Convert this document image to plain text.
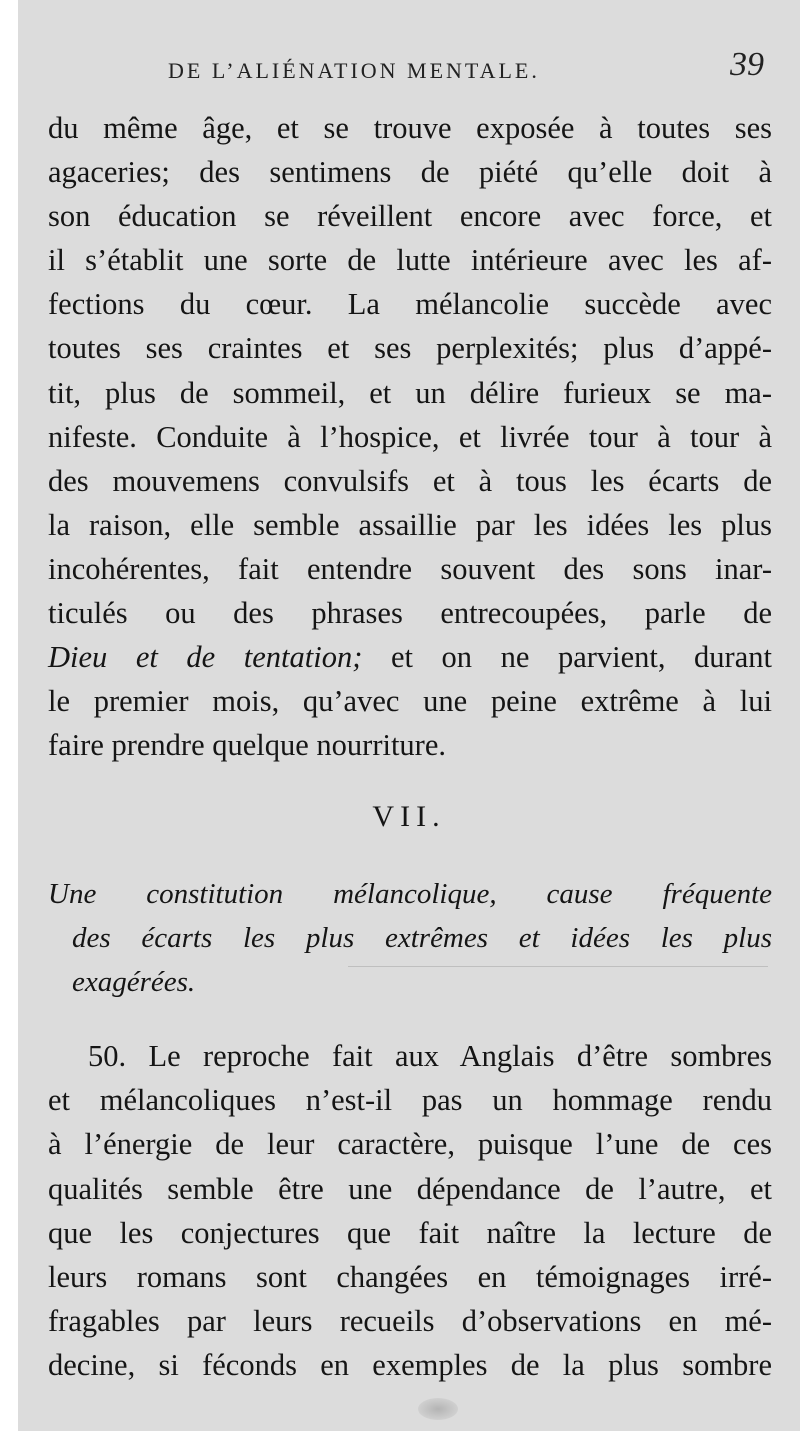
DE L’ALIÉNATION MENTALE.	39
du même âge, et se trouve exposée à toutes ses
agaceries; des sentimens de piété qu’elle doit à
son éducation se réveillent encore avec force, et
il s’établit une sorte de lutte intérieure avec les af-
fections du cœur. La mélancolie succède avec
toutes ses craintes et ses perplexités; plus d’appé-
tit, plus de sommeil, et un délire furieux se ma-
nifeste. Conduite à l’hospice, et livrée tour à tour à
des mouvemens convulsifs et à tous les écarts de
la raison, elle semble assaillie par les idées les plus
incohérentes, fait entendre souvent des sons inar-
ticulés ou des phrases entrecoupées, parle de
Dieu et de tentation; et on ne parvient, durant
le premier mois, qu’avec une peine extrême à lui
faire prendre quelque nourriture.
VII.
Une constitution mélancolique, cause fréquente
des écarts les plus extrêmes et idées les plus
exagérées.
50. Le reproche fait aux Anglais d’être sombres
et mélancoliques n’est-il pas un hommage rendu
à l’énergie de leur caractère, puisque l’une de ces
qualités semble être une dépendance de l’autre, et
que les conjectures que fait naître la lecture de
leurs romans sont changées en témoignages irré-
fragables par leurs recueils d’observations en mé-
decine, si féconds en exemples de la plus sombre
